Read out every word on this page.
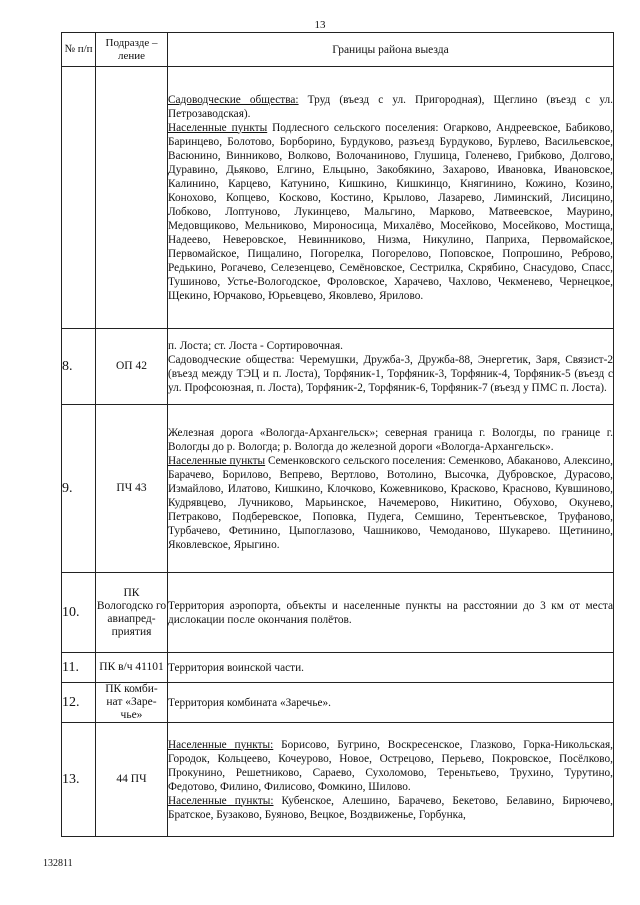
13
№ п/п	Подразде – ление	Границы района выезда

		Садоводческие общества: Труд (въезд с ул. Пригородная), Щеглино (въезд с ул. Петрозаводская).

Населенные пункты Подлесного сельского поселения: Огарково, Андреевское, Бабиково, Баринцево, Болотово, Борборино, Бурдуково, разъезд Бурдуково, Бурлево, Васильевское, Васюнино, Винниково, Волково, Волочаниново, Глушица, Голенево, Грибково, Долгово, Дуравино, Дьяково, Елгино, Ельцыно, Закобякино, Захарово, Ивановка, Ивановское, Калинино, Карцево, Катунино, Кишкино, Кишкинцо, Княгинино, Кожино, Козино, Конохово, Копцево, Косково, Костино, Крылово, Лазарево, Лиминский, Лисицино, Лобково, Лоптуново, Лукинцево, Мальгино, Марково, Матвеевское, Маурино, Медовщиково, Мельниково, Мироносица, Михалёво, Мосейково, Мосейково, Мостища, Надеево, Неверовское, Невинниково, Низма, Никулино, Паприха, Первомайское, Первомайское, Пищалино, Погорелка, Погорелово, Поповское, Попрошино, Реброво, Редькино, Рогачево, Селезенцево, Семёновское, Сестрилка, Скрябино, Снасудово, Спасс, Тушиново, Устье-Вологодское, Фроловское, Харачево, Чахлово, Чекменево, Чернецкое, Щекино, Юрчаково, Юрьевцево, Яковлево, Ярилово.

8.	ОП 42	п. Лоста; ст. Лоста - Сортировочная.

Садоводческие общества: Черемушки, Дружба-3, Дружба-88, Энергетик, Заря, Связист-2 (въезд между ТЭЦ и п. Лоста), Торфяник-1, Торфяник-3, Торфяник-4, Торфяник-5 (въезд с ул. Профсоюзная, п. Лоста), Торфяник-2, Торфяник-6, Торфяник-7 (въезд у ПМС п. Лоста).

9.	ПЧ 43	Железная дорога «Вологда-Архангельск»; северная граница г. Вологды, по границе г. Вологды до р. Вологда; р. Вологда до железной дороги «Вологда-Архангельск».

Населенные пункты Семенковского сельского поселения: Семенково, Абаканово, Алексино, Барачево, Борилово, Вепрево, Вертлово, Вотолино, Высочка, Дубровское, Дурасово, Измайлово, Илатово, Кишкино, Клочково, Кожевниково, Красково, Красново, Кувшиново, Кудрявцево, Лучниково, Марьинское, Начемерово, Никитино, Обухово, Окунево, Петраково, Подберевское, Поповка, Пудега, Семшино, Терентьевское, Труфаново, Турбачево, Фетинино, Цыпоглазово, Чашниково, Чемоданово, Шукарево. Щетинино, Яковлевское, Ярыгино.

10.	ПК Вологодско го авиапред- приятия	Территория аэропорта, объекты и населенные пункты на расстоянии до 3 км от места дислокации после окончания полётов.

11.	ПК в/ч 41101	Территория воинской части.

12.	ПК комби- нат «Заре- чье»	Территория комбината «Заречье».

13.	44 ПЧ	Населенные пункты: Борисово, Бугрино, Воскресенское, Глазково, Горка-Никольская, Городок, Кольцеево, Кочеурово, Новое, Острецово, Перьево, Покровское, Посёлково, Прокунино, Решетниково, Сараево, Сухоломово, Тереньтьево, Трухино, Турутино, Федотово, Филино, Филисово, Фомкино, Шилово.

Населенные пункты: Кубенское, Алешино, Барачево, Бекетово, Белавино, Бирючево, Братское, Бузаково, Буяново, Вецкое, Воздвиженье, Горбунка,

132811
